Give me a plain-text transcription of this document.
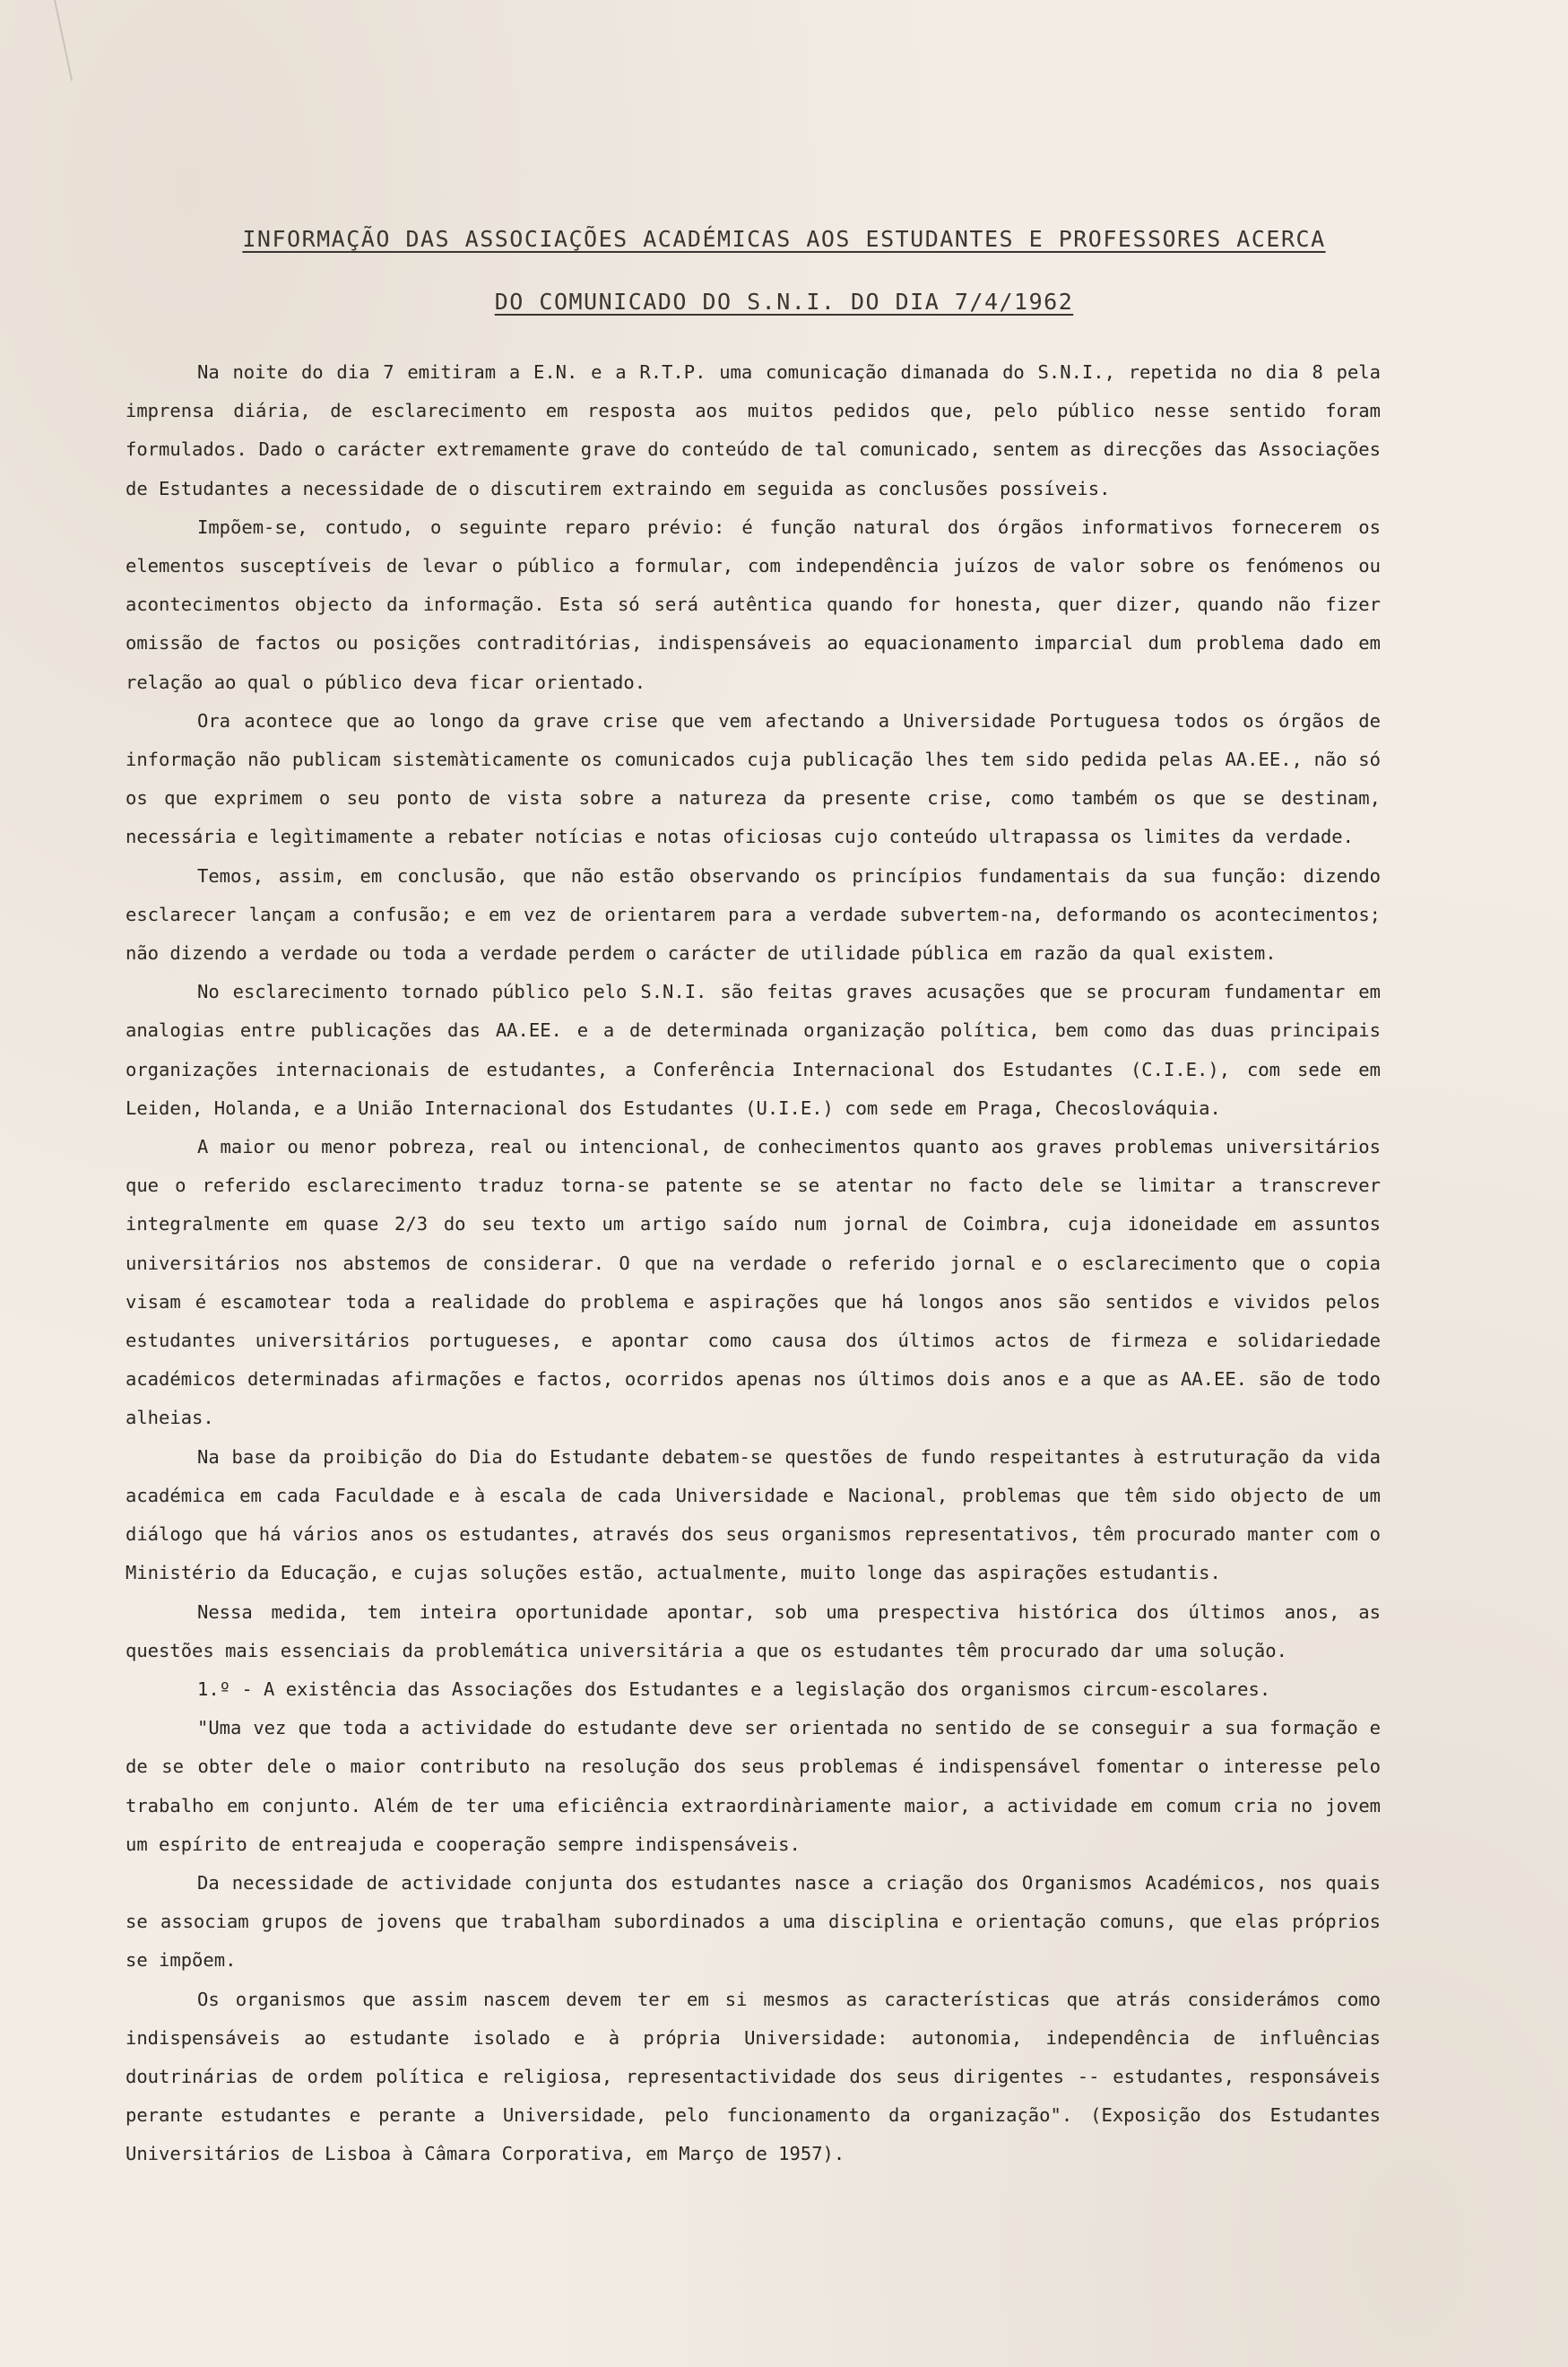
INFORMAÇÃO DAS ASSOCIAÇÕES ACADÉMICAS AOS ESTUDANTES E PROFESSORES ACERCA
DO COMUNICADO DO S.N.I. DO DIA 7/4/1962

Na noite do dia 7 emitiram a E.N. e a R.T.P. uma comunicação dimanada do S.N.I., repetida no dia 8 pela imprensa diária, de esclarecimento em resposta aos muitos pedidos que, pelo público nesse sentido foram formulados. Dado o carácter extremamente grave do conteúdo de tal comunicado, sentem as direcções das Associações de Estudantes a necessidade de o discutirem extraindo em seguida as conclusões possíveis.

Impõem-se, contudo, o seguinte reparo prévio: é função natural dos órgãos informativos fornecerem os elementos susceptíveis de levar o público a formular, com independência juízos de valor sobre os fenómenos ou acontecimentos objecto da informação. Esta só será autêntica quando for honesta, quer dizer, quando não fizer omissão de factos ou posições contraditórias, indispensáveis ao equacionamento imparcial dum problema dado em relação ao qual o público deva ficar orientado.

Ora acontece que ao longo da grave crise que vem afectando a Universidade Portuguesa todos os órgãos de informação não publicam sistemàticamente os comunicados cuja publicação lhes tem sido pedida pelas AA.EE., não só os que exprimem o seu ponto de vista sobre a natureza da presente crise, como também os que se destinam, necessária e legìtimamente a rebater notícias e notas oficiosas cujo conteúdo ultrapassa os limites da verdade.

Temos, assim, em conclusão, que não estão observando os princípios fundamentais da sua função: dizendo esclarecer lançam a confusão; e em vez de orientarem para a verdade subvertem-na, deformando os acontecimentos; não dizendo a verdade ou toda a verdade perdem o carácter de utilidade pública em razão da qual existem.

No esclarecimento tornado público pelo S.N.I. são feitas graves acusações que se procuram fundamentar em analogias entre publicações das AA.EE. e a de determinada organização política, bem como das duas principais organizações internacionais de estudantes, a Conferência Internacional dos Estudantes (C.I.E.), com sede em Leiden, Holanda, e a União Internacional dos Estudantes (U.I.E.) com sede em Praga, Checoslováquia.

A maior ou menor pobreza, real ou intencional, de conhecimentos quanto aos graves problemas universitários que o referido esclarecimento traduz torna-se patente se se atentar no facto dele se limitar a transcrever integralmente em quase 2/3 do seu texto um artigo saído num jornal de Coimbra, cuja idoneidade em assuntos universitários nos abstemos de considerar. O que na verdade o referido jornal e o esclarecimento que o copia visam é escamotear toda a realidade do problema e aspirações que há longos anos são sentidos e vividos pelos estudantes universitários portugueses, e apontar como causa dos últimos actos de firmeza e solidariedade académicos determinadas afirmações e factos, ocorridos apenas nos últimos dois anos e a que as AA.EE. são de todo alheias.

Na base da proibição do Dia do Estudante debatem-se questões de fundo respeitantes à estruturação da vida académica em cada Faculdade e à escala de cada Universidade e Nacional, problemas que têm sido objecto de um diálogo que há vários anos os estudantes, através dos seus organismos representativos, têm procurado manter com o Ministério da Educação, e cujas soluções estão, actualmente, muito longe das aspirações estudantis.

Nessa medida, tem inteira oportunidade apontar, sob uma prespectiva histórica dos últimos anos, as questões mais essenciais da problemática universitária a que os estudantes têm procurado dar uma solução.

1.º - A existência das Associações dos Estudantes e a legislação dos organismos circum-escolares.

"Uma vez que toda a actividade do estudante deve ser orientada no sentido de se conseguir a sua formação e de se obter dele o maior contributo na resolução dos seus problemas é indispensável fomentar o interesse pelo trabalho em conjunto. Além de ter uma eficiência extraordinàriamente maior, a actividade em comum cria no jovem um espírito de entreajuda e cooperação sempre indispensáveis.

Da necessidade de actividade conjunta dos estudantes nasce a criação dos Organismos Académicos, nos quais se associam grupos de jovens que trabalham subordinados a uma disciplina e orientação comuns, que elas próprios se impõem.

Os organismos que assim nascem devem ter em si mesmos as características que atrás considerámos como indispensáveis ao estudante isolado e à própria Universidade: autonomia, independência de influências doutrinárias de ordem política e religiosa, representactividade dos seus dirigentes -- estudantes, responsáveis perante estudantes e perante a Universidade, pelo funcionamento da organização". (Exposição dos Estudantes Universitários de Lisboa à Câmara Corporativa, em Março de 1957).
